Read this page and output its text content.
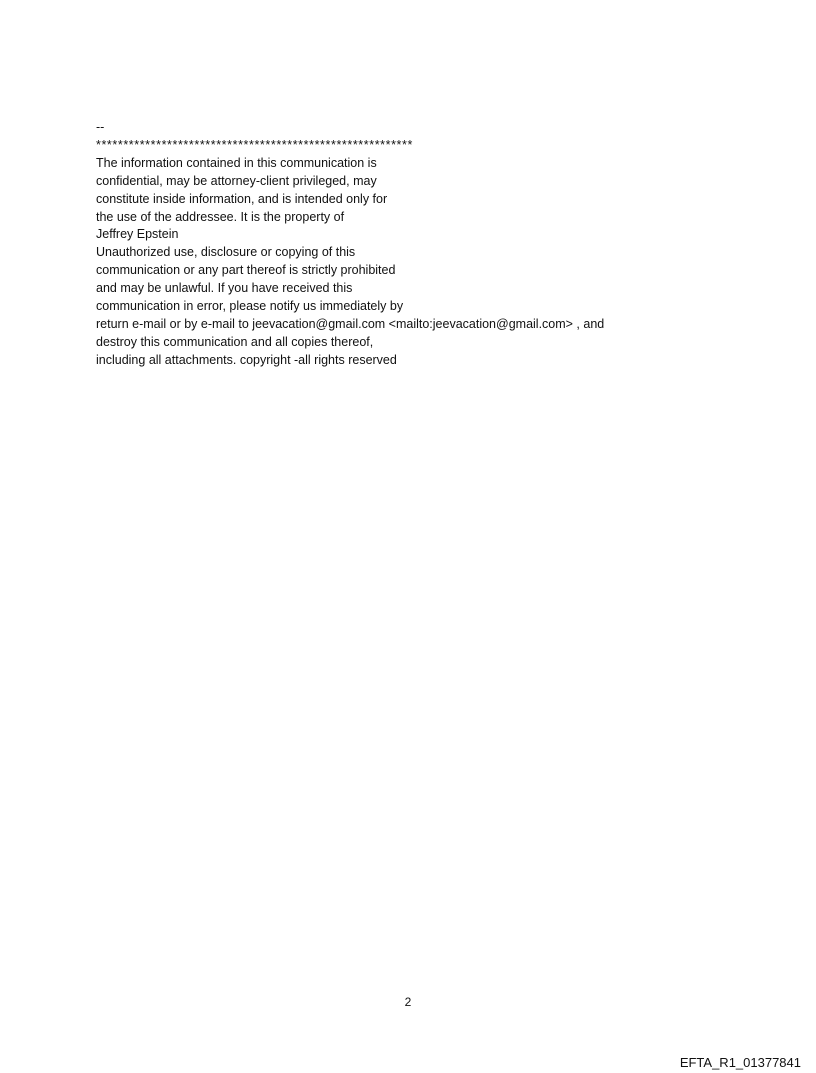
--
**********************************************************
The information contained in this communication is
confidential, may be attorney-client privileged, may
constitute inside information, and is intended only for
the use of the addressee. It is the property of
Jeffrey Epstein
Unauthorized use, disclosure or copying of this
communication or any part thereof is strictly prohibited
and may be unlawful. If you have received this
communication in error, please notify us immediately by
return e-mail or by e-mail to jeevacation@gmail.com <mailto:jeevacation@gmail.com> , and
destroy this communication and all copies thereof,
including all attachments. copyright -all rights reserved
2
EFTA_R1_01377841
